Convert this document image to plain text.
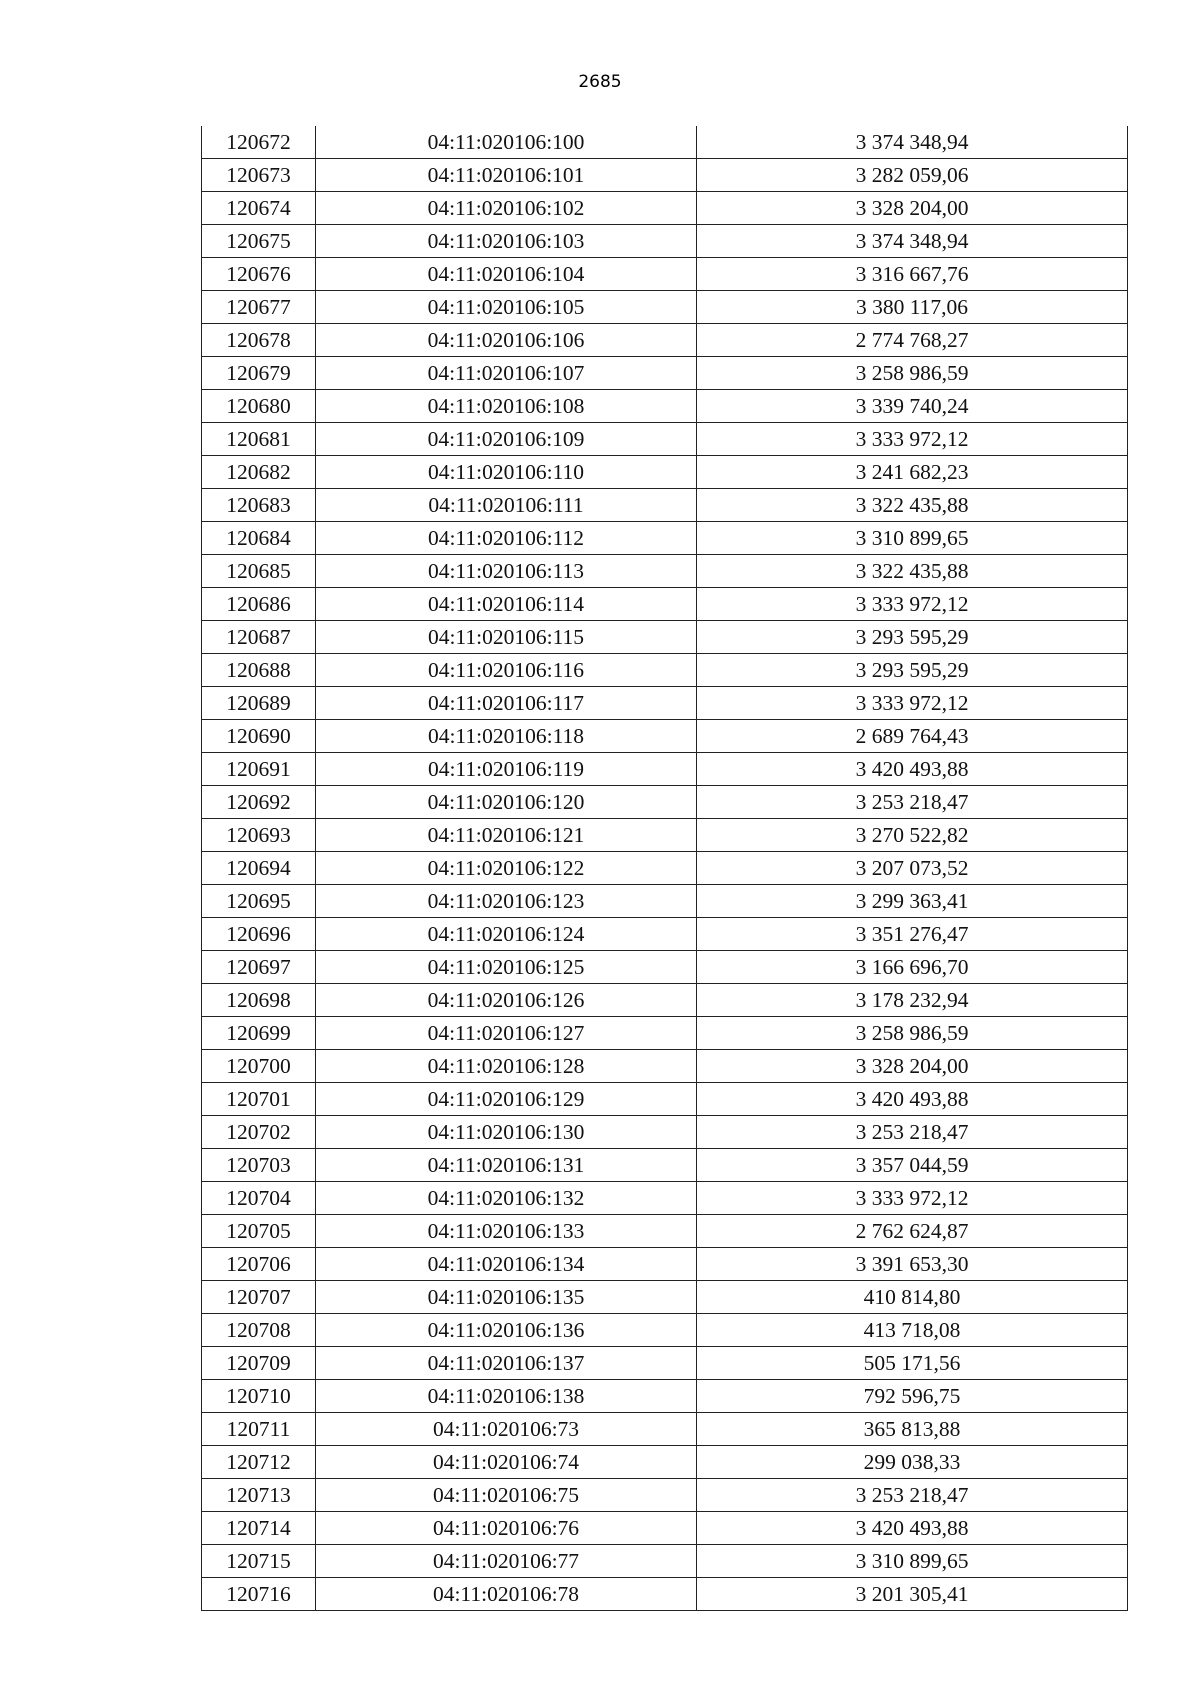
2685
120672	04:11:020106:100	3 374 348,94
120673	04:11:020106:101	3 282 059,06
120674	04:11:020106:102	3 328 204,00
120675	04:11:020106:103	3 374 348,94
120676	04:11:020106:104	3 316 667,76
120677	04:11:020106:105	3 380 117,06
120678	04:11:020106:106	2 774 768,27
120679	04:11:020106:107	3 258 986,59
120680	04:11:020106:108	3 339 740,24
120681	04:11:020106:109	3 333 972,12
120682	04:11:020106:110	3 241 682,23
120683	04:11:020106:111	3 322 435,88
120684	04:11:020106:112	3 310 899,65
120685	04:11:020106:113	3 322 435,88
120686	04:11:020106:114	3 333 972,12
120687	04:11:020106:115	3 293 595,29
120688	04:11:020106:116	3 293 595,29
120689	04:11:020106:117	3 333 972,12
120690	04:11:020106:118	2 689 764,43
120691	04:11:020106:119	3 420 493,88
120692	04:11:020106:120	3 253 218,47
120693	04:11:020106:121	3 270 522,82
120694	04:11:020106:122	3 207 073,52
120695	04:11:020106:123	3 299 363,41
120696	04:11:020106:124	3 351 276,47
120697	04:11:020106:125	3 166 696,70
120698	04:11:020106:126	3 178 232,94
120699	04:11:020106:127	3 258 986,59
120700	04:11:020106:128	3 328 204,00
120701	04:11:020106:129	3 420 493,88
120702	04:11:020106:130	3 253 218,47
120703	04:11:020106:131	3 357 044,59
120704	04:11:020106:132	3 333 972,12
120705	04:11:020106:133	2 762 624,87
120706	04:11:020106:134	3 391 653,30
120707	04:11:020106:135	410 814,80
120708	04:11:020106:136	413 718,08
120709	04:11:020106:137	505 171,56
120710	04:11:020106:138	792 596,75
120711	04:11:020106:73	365 813,88
120712	04:11:020106:74	299 038,33
120713	04:11:020106:75	3 253 218,47
120714	04:11:020106:76	3 420 493,88
120715	04:11:020106:77	3 310 899,65
120716	04:11:020106:78	3 201 305,41
